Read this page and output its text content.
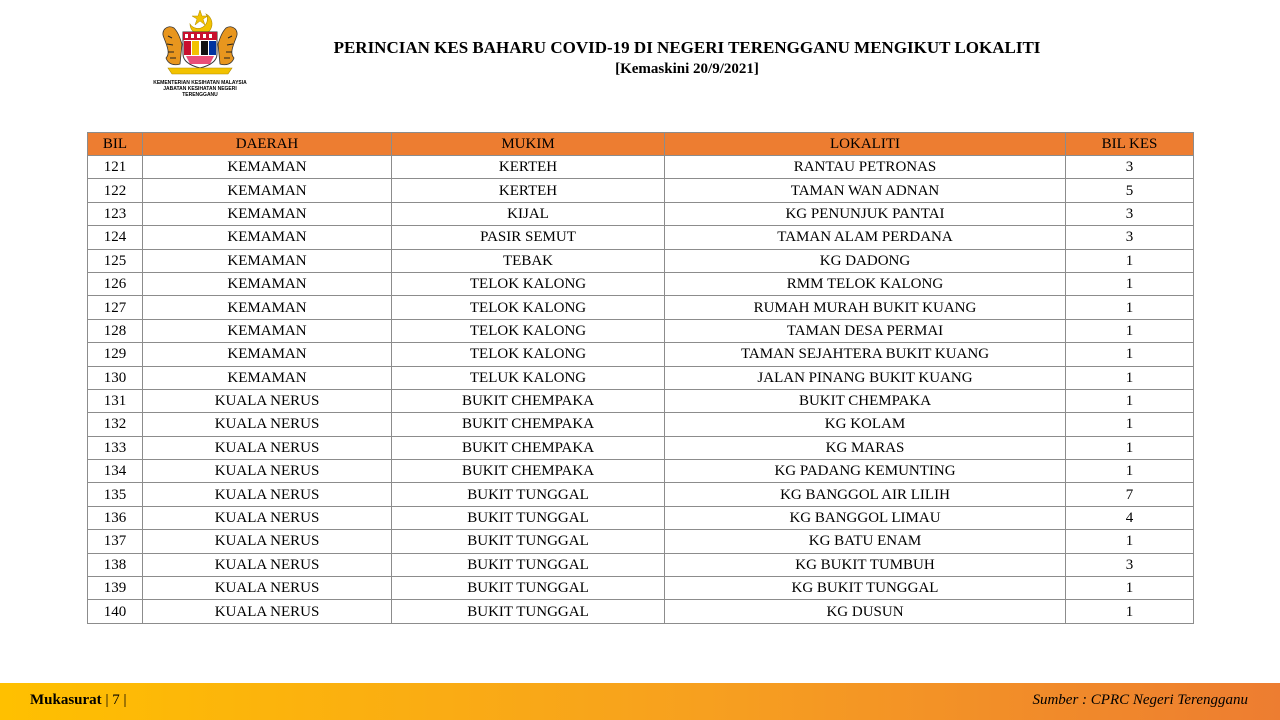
KEMENTERIAN KESIHATAN MALAYSIA
JABATAN KESIHATAN NEGERI TERENGGANU
PERINCIAN KES BAHARU COVID-19 DI NEGERI TERENGGANU MENGIKUT LOKALITI
[Kemaskini 20/9/2021]
BIL	DAERAH	MUKIM	LOKALITI	BIL KES
121	KEMAMAN	KERTEH	RANTAU PETRONAS	3
122	KEMAMAN	KERTEH	TAMAN WAN ADNAN	5
123	KEMAMAN	KIJAL	KG PENUNJUK PANTAI	3
124	KEMAMAN	PASIR SEMUT	TAMAN ALAM PERDANA	3
125	KEMAMAN	TEBAK	KG DADONG	1
126	KEMAMAN	TELOK KALONG	RMM TELOK KALONG	1
127	KEMAMAN	TELOK KALONG	RUMAH MURAH BUKIT KUANG	1
128	KEMAMAN	TELOK KALONG	TAMAN DESA PERMAI	1
129	KEMAMAN	TELOK KALONG	TAMAN SEJAHTERA BUKIT KUANG	1
130	KEMAMAN	TELUK KALONG	JALAN PINANG BUKIT KUANG	1
131	KUALA NERUS	BUKIT CHEMPAKA	BUKIT CHEMPAKA	1
132	KUALA NERUS	BUKIT CHEMPAKA	KG KOLAM	1
133	KUALA NERUS	BUKIT CHEMPAKA	KG MARAS	1
134	KUALA NERUS	BUKIT CHEMPAKA	KG PADANG KEMUNTING	1
135	KUALA NERUS	BUKIT TUNGGAL	KG BANGGOL AIR LILIH	7
136	KUALA NERUS	BUKIT TUNGGAL	KG BANGGOL LIMAU	4
137	KUALA NERUS	BUKIT TUNGGAL	KG BATU ENAM	1
138	KUALA NERUS	BUKIT TUNGGAL	KG BUKIT TUMBUH	3
139	KUALA NERUS	BUKIT TUNGGAL	KG BUKIT TUNGGAL	1
140	KUALA NERUS	BUKIT TUNGGAL	KG DUSUN	1
Mukasurat | 7 |	Sumber : CPRC Negeri Terengganu
